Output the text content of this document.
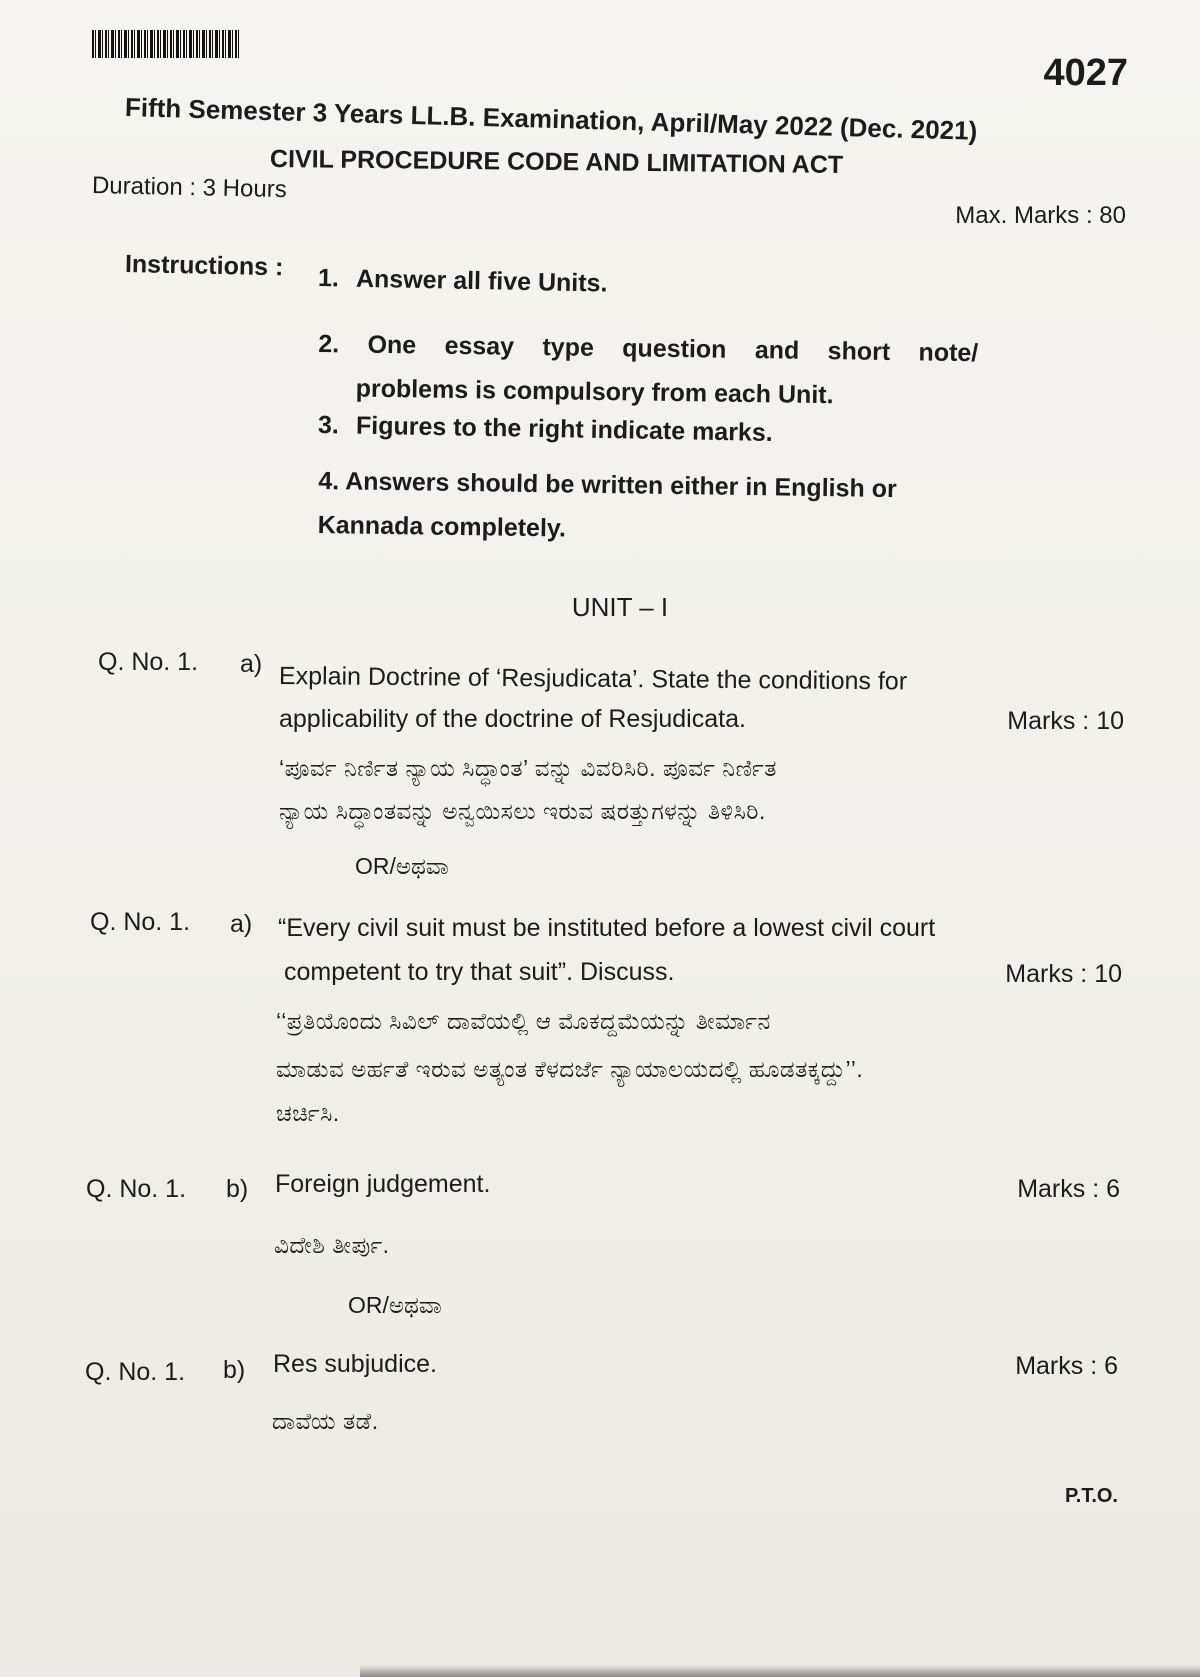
4027
Fifth Semester 3 Years LL.B. Examination, April/May 2022 (Dec. 2021)
CIVIL PROCEDURE CODE AND LIMITATION ACT
Duration : 3 Hours
Max. Marks : 80
Instructions : 1. Answer all five Units.
2. One essay type question and short note/
problems is compulsory from each Unit.
3. Figures to the right indicate marks.
4. Answers should be written either in English or
Kannada completely.
UNIT – I
Q. No. 1. a) Explain Doctrine of ‘Resjudicata’. State the conditions for
applicability of the doctrine of Resjudicata.	Marks : 10
‘ಪೂರ್ವ ನಿರ್ಣಿತ ನ್ಯಾಯ ಸಿದ್ಧಾಂತ’ ವನ್ನು ವಿವರಿಸಿರಿ. ಪೂರ್ವ ನಿರ್ಣಿತ
ನ್ಯಾಯ ಸಿದ್ಧಾಂತವನ್ನು ಅನ್ವಯಿಸಲು ಇರುವ ಷರತ್ತುಗಳನ್ನು ತಿಳಿಸಿರಿ.
OR/ಅಥವಾ
Q. No. 1. a) “Every civil suit must be instituted before a lowest civil court
competent to try that suit”. Discuss.	Marks : 10
‘‘ಪ್ರತಿಯೊಂದು ಸಿವಿಲ್ ದಾವೆಯಲ್ಲಿ ಆ ಮೊಕದ್ದಮೆಯನ್ನು ತೀರ್ಮಾನ
ಮಾಡುವ ಅರ್ಹತೆ ಇರುವ ಅತ್ಯಂತ ಕೆಳದರ್ಜೆ ನ್ಯಾಯಾಲಯದಲ್ಲಿ ಹೂಡತಕ್ಕದ್ದು’’.
ಚರ್ಚಿಸಿ.
Q. No. 1. b) Foreign judgement.	Marks : 6
ವಿದೇಶಿ ತೀರ್ಪು.
OR/ಅಥವಾ
Q. No. 1. b) Res subjudice.	Marks : 6
ದಾವೆಯ ತಡೆ.
P.T.O.
